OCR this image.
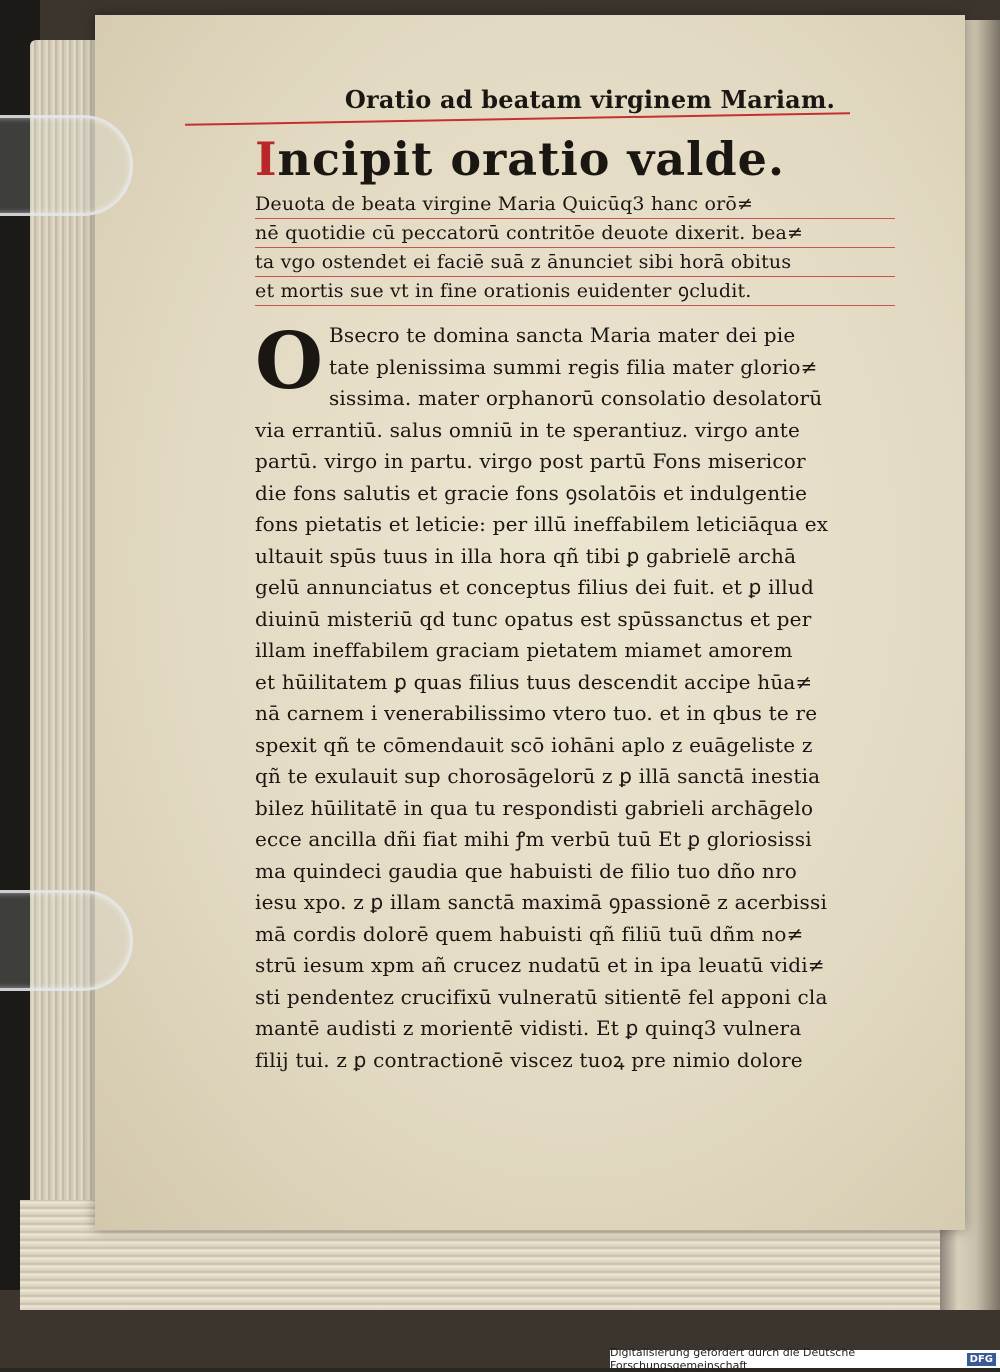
Oratio ad beatam virginem Mariam.
Incipit oratio valde.
Deuota de beata virgine Maria Quicūq3 hanc orō≠
nē quotidie cū peccatorū contritōe deuote dixerit. bea≠
ta vgo ostendet ei faciē suā z ānunciet sibi horā obitus
et mortis sue vt in fine orationis euidenter ꝯcludit.
O Bsecro te domina sancta Maria mater dei pie
tate plenissima summi regis filia mater glorio≠
sissima. mater orphanorū consolatio desolatorū
via errantiū. salus omniū in te sperantiuz. virgo ante
partū. virgo in partu. virgo post partū Fons misericor
die fons salutis et gracie fons ꝯsolatōis et indulgentie
fons pietatis et leticie: per illū ineffabilem leticiāqua ex
ultauit spūs tuus in illa hora qñ tibi ꝑ gabrielē archā
gelū annunciatus et conceptus filius dei fuit. et ꝑ illud
diuinū misteriū qd tunc opatus est spūssanctus et per
illam ineffabilem graciam pietatem miamet amorem
et hūilitatem ꝑ quas filius tuus descendit accipe hūa≠
nā carnem i venerabilissimo vtero tuo. et in qbus te re
spexit qñ te cōmendauit scō iohāni aplo z euāgeliste z
qñ te exulauit sup chorosāgelorū z ꝑ illā sanctā inestia
bilez hūilitatē in qua tu respondisti gabrieli archāgelo
ecce ancilla dñi fiat mihi ꝭm verbū tuū Et ꝑ gloriosissi
ma quindeci gaudia que habuisti de filio tuo dño nro
iesu xpo. z ꝑ illam sanctā maximā ꝯpassionē z acerbissi
mā cordis dolorē quem habuisti qñ filiū tuū dñm no≠
strū iesum xpm añ crucez nudatū et in ipa leuatū vidi≠
sti pendentez crucifixū vulneratū sitientē fel apponi cla
mantē audisti z morientē vidisti. Et ꝑ quinq3 vulnera
filij tui. z ꝑ contractionē viscez tuoꝝ pre nimio dolore
Digitalisierung gefördert durch die Deutsche Forschungsgemeinschaft	DFG
